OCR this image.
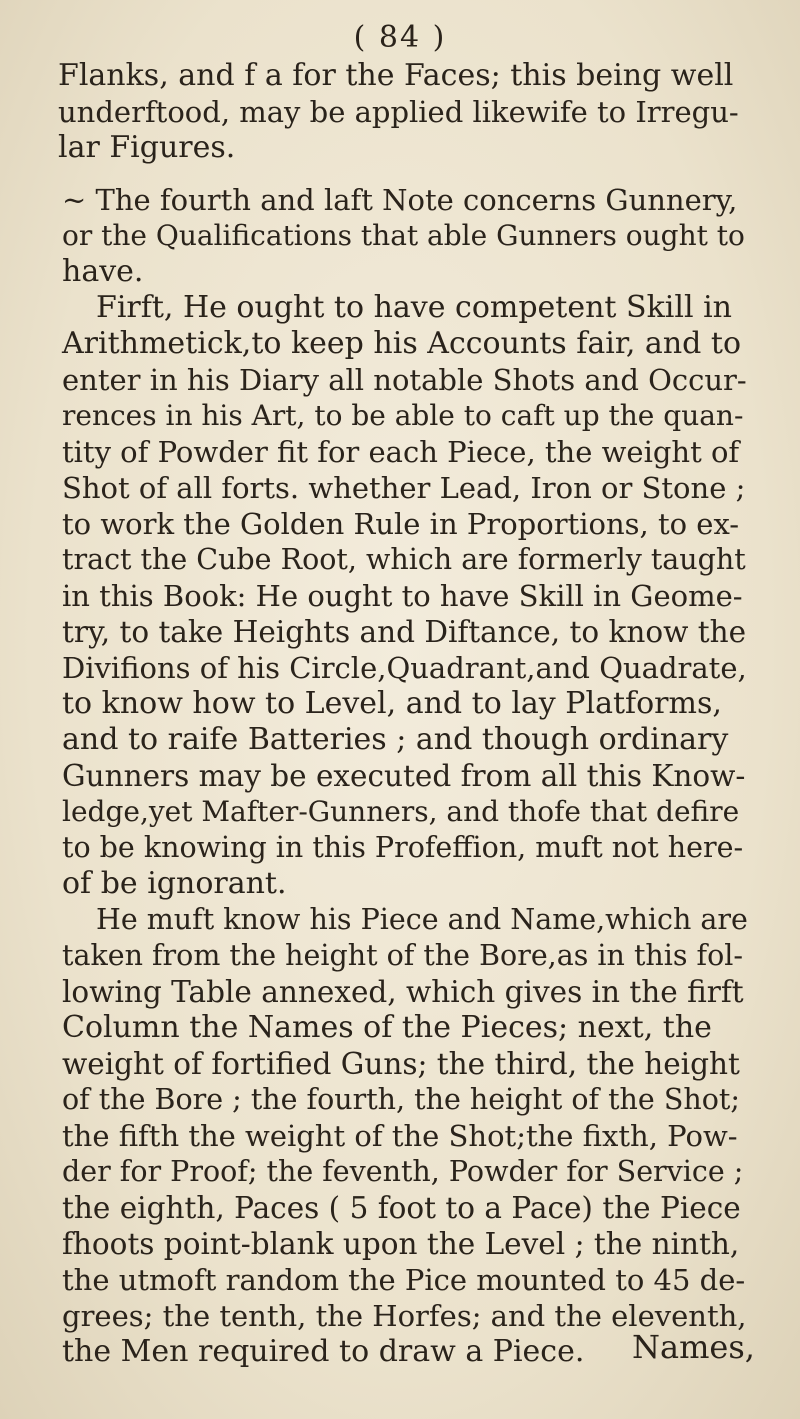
( 84 )
Flanks, and f a for the Faces; this being well
underftood, may be applied likewife to Irregu-
lar Figures.
~ The fourth and laft Note concerns Gunnery,
or the Qualifications that able Gunners ought to
have.
Firft, He ought to have competent Skill in
Arithmetick,to keep his Accounts fair, and to
enter in his Diary all notable Shots and Occur-
rences in his Art, to be able to caft up the quan-
tity of Powder fit for each Piece, the weight of
Shot of all forts. whether Lead, Iron or Stone ;
to work the Golden Rule in Proportions, to ex-
tract the Cube Root, which are formerly taught
in this Book: He ought to have Skill in Geome-
try, to take Heights and Diftance, to know the
Divifions of his Circle,Quadrant,and Quadrate,
to know how to Level, and to lay Platforms,
and to raife Batteries ; and though ordinary
Gunners may be executed from all this Know-
ledge,yet Mafter-Gunners, and thofe that defire
to be knowing in this Profeffion, muft not here-
of be ignorant.
He muft know his Piece and Name,which are
taken from the height of the Bore,as in this fol-
lowing Table annexed, which gives in the firft
Column the Names of the Pieces; next, the
weight of fortified Guns; the third, the height
of the Bore ; the fourth, the height of the Shot;
the fifth the weight of the Shot;the fixth, Pow-
der for Proof; the feventh, Powder for Service ;
the eighth, Paces ( 5 foot to a Pace) the Piece
fhoots point-blank upon the Level ; the ninth,
the utmoft random the Pice mounted to 45 de-
grees; the tenth, the Horfes; and the eleventh,
the Men required to draw a Piece. Names,
